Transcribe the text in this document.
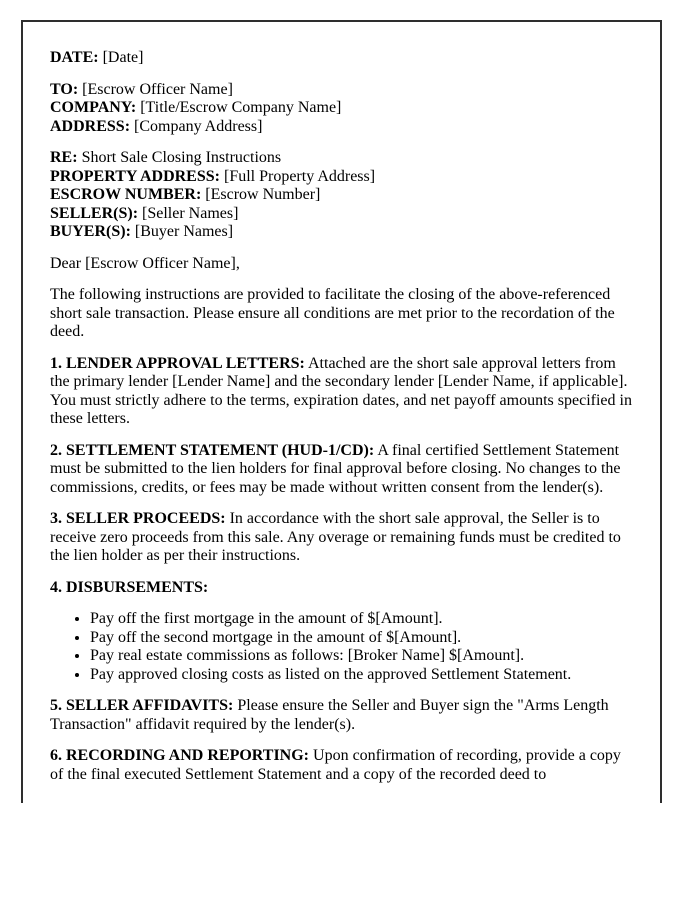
DATE: [Date]

TO: [Escrow Officer Name]
COMPANY: [Title/Escrow Company Name]
ADDRESS: [Company Address]
RE: Short Sale Closing Instructions
PROPERTY ADDRESS: [Full Property Address]
ESCROW NUMBER: [Escrow Number]
SELLER(S): [Seller Names]
BUYER(S): [Buyer Names]

Dear [Escrow Officer Name],

The following instructions are provided to facilitate the closing of the above-referenced short sale transaction. Please ensure all conditions are met prior to the recordation of the deed.

1. LENDER APPROVAL LETTERS: Attached are the short sale approval letters from the primary lender [Lender Name] and the secondary lender [Lender Name, if applicable]. You must strictly adhere to the terms, expiration dates, and net payoff amounts specified in these letters.

2. SETTLEMENT STATEMENT (HUD-1/CD): A final certified Settlement Statement must be submitted to the lien holders for final approval before closing. No changes to the commissions, credits, or fees may be made without written consent from the lender(s).

3. SELLER PROCEEDS: In accordance with the short sale approval, the Seller is to receive zero proceeds from this sale. Any overage or remaining funds must be credited to the lien holder as per their instructions.

4. DISBURSEMENTS:

• Pay off the first mortgage in the amount of $[Amount].
• Pay off the second mortgage in the amount of $[Amount].
• Pay real estate commissions as follows: [Broker Name] $[Amount].
• Pay approved closing costs as listed on the approved Settlement Statement.

5. SELLER AFFIDAVITS: Please ensure the Seller and Buyer sign the "Arms Length Transaction" affidavit required by the lender(s).

6. RECORDING AND REPORTING: Upon confirmation of recording, provide a copy of the final executed Settlement Statement and a copy of the recorded deed to
